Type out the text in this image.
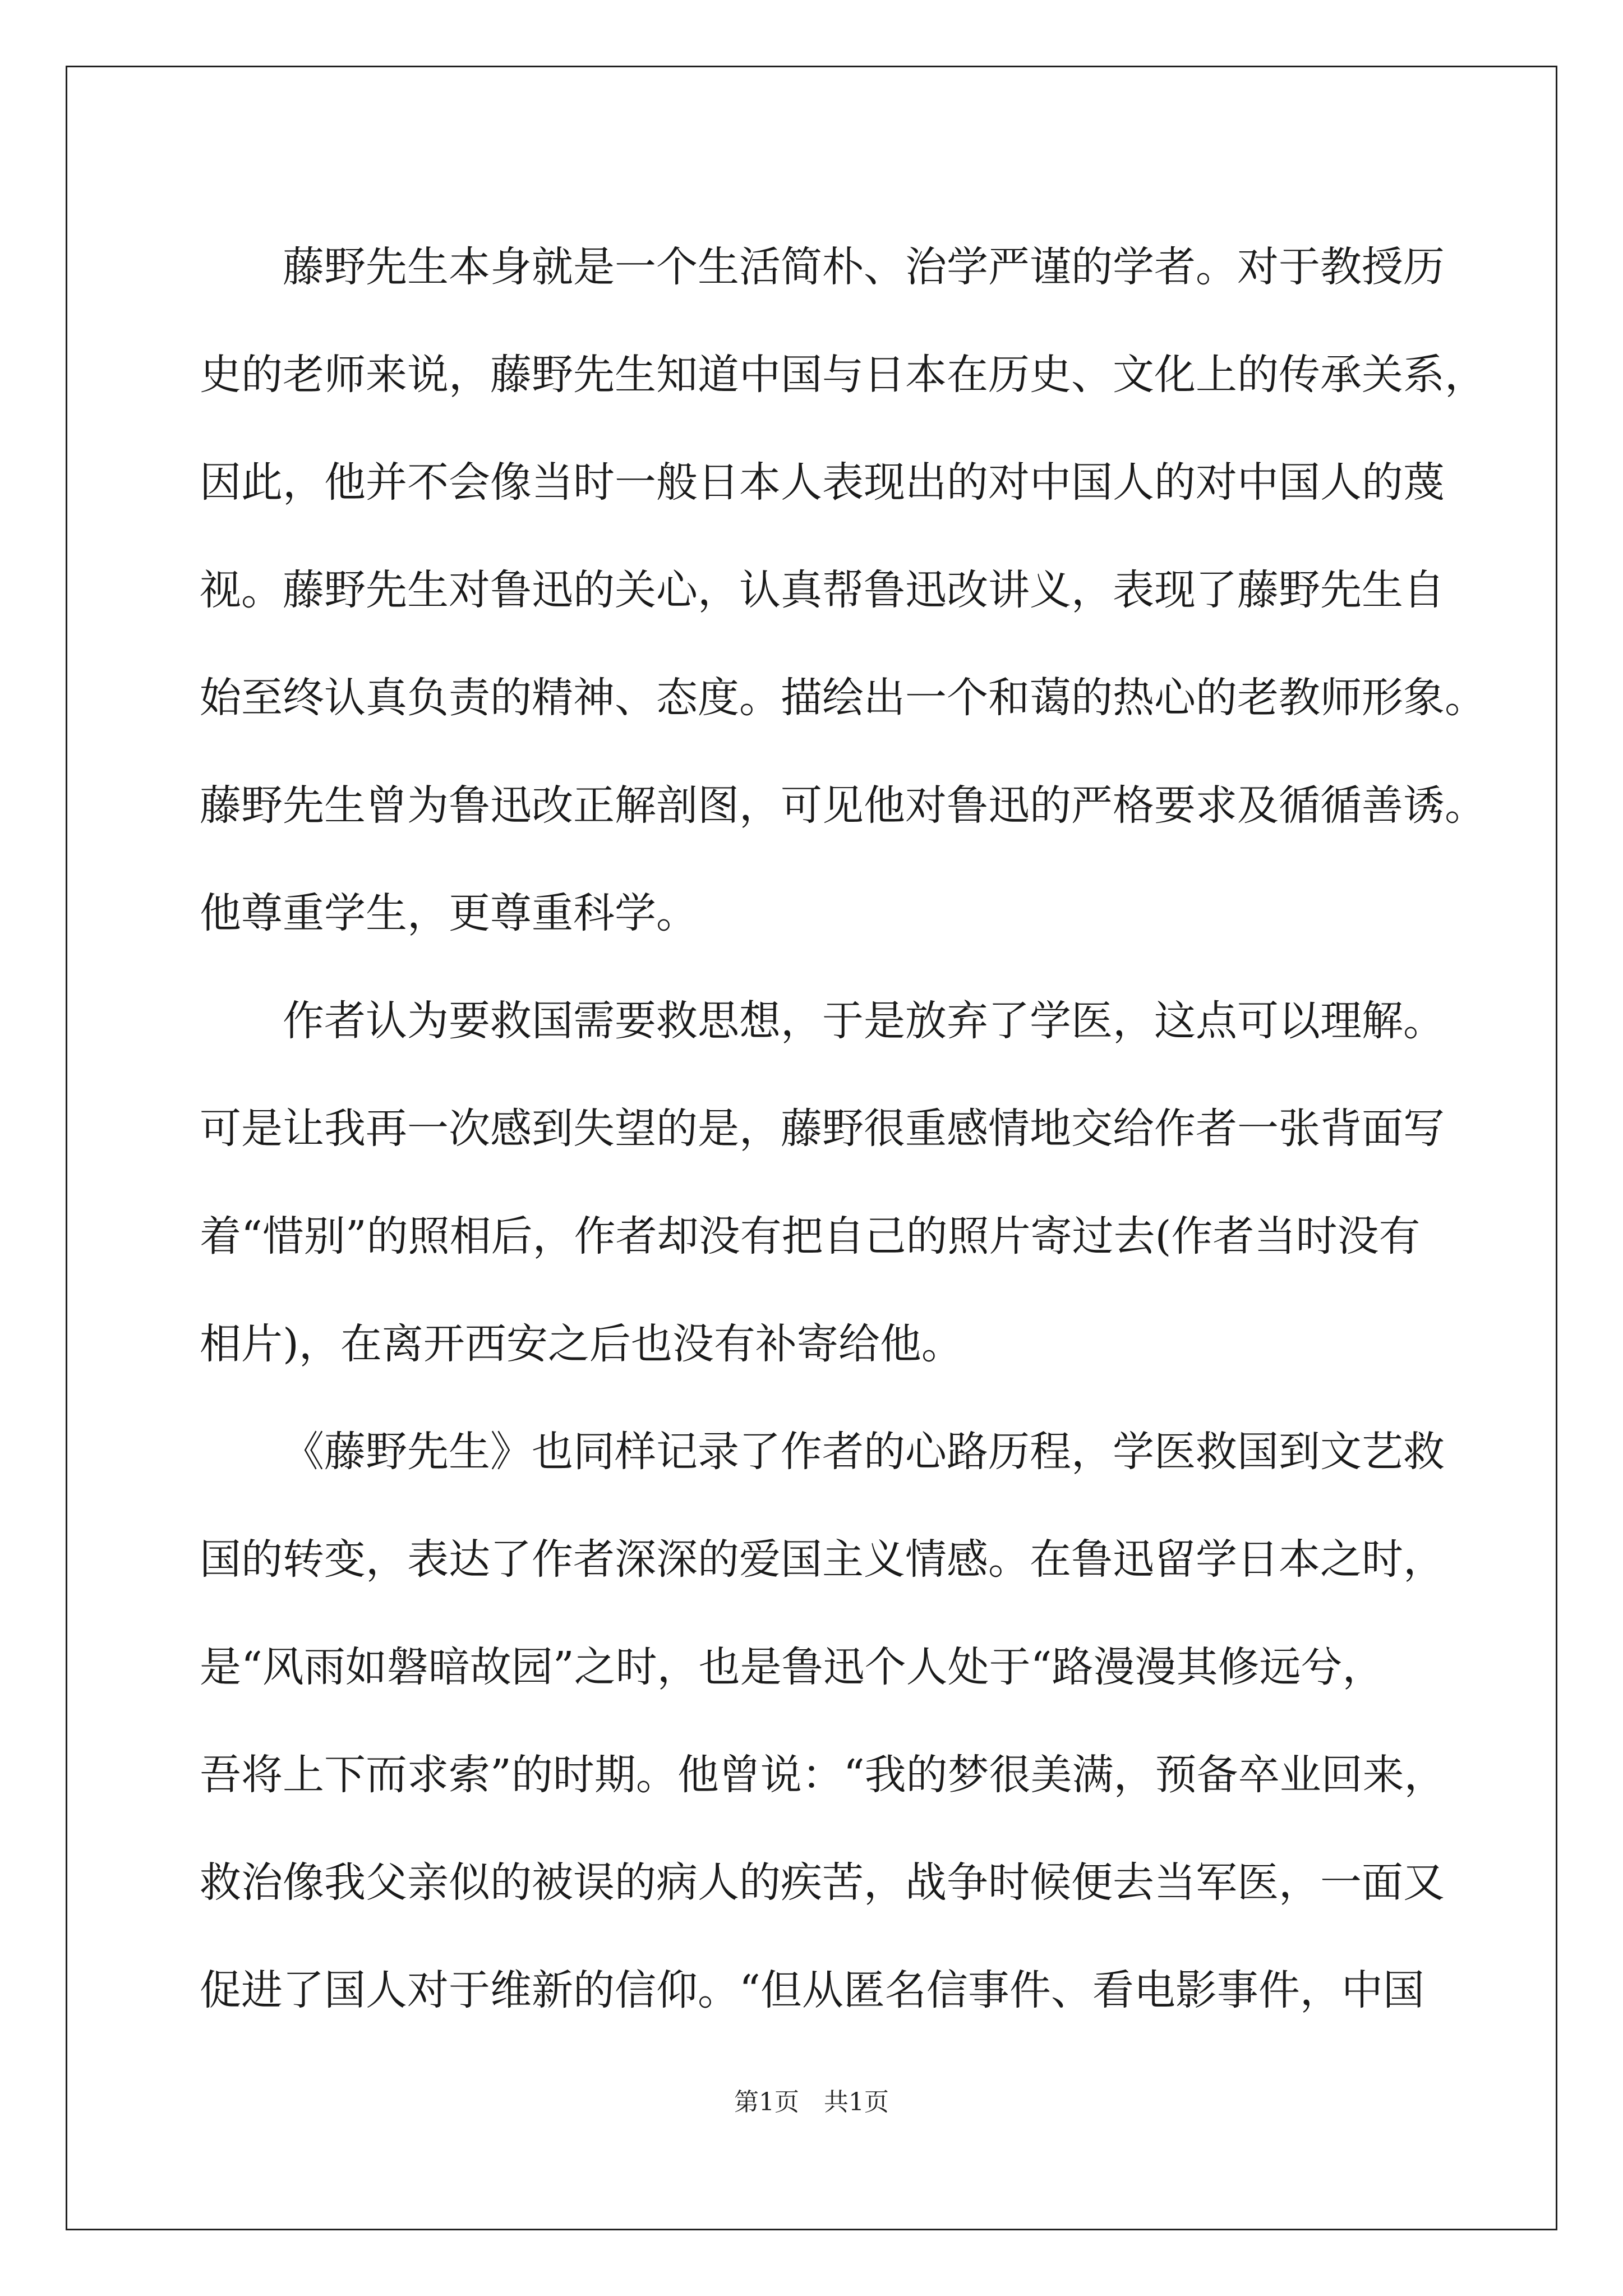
藤野先生本身就是一个生活简朴、治学严谨的学者。对于教授历
史的老师来说，藤野先生知道中国与日本在历史、文化上的传承关系，
因此，他并不会像当时一般日本人表现出的对中国人的对中国人的蔑
视。藤野先生对鲁迅的关心，认真帮鲁迅改讲义，表现了藤野先生自
始至终认真负责的精神、态度。描绘出一个和蔼的热心的老教师形象。
藤野先生曾为鲁迅改正解剖图，可见他对鲁迅的严格要求及循循善诱。
他尊重学生，更尊重科学。
作者认为要救国需要救思想，于是放弃了学医，这点可以理解。
可是让我再一次感到失望的是，藤野很重感情地交给作者一张背面写
着“惜别”的照相后，作者却没有把自己的照片寄过去(作者当时没有
相片)，在离开西安之后也没有补寄给他。
《藤野先生》也同样记录了作者的心路历程，学医救国到文艺救
国的转变，表达了作者深深的爱国主义情感。在鲁迅留学日本之时，
是“风雨如磐暗故园”之时，也是鲁迅个人处于“路漫漫其修远兮，
吾将上下而求索”的时期。他曾说：“我的梦很美满，预备卒业回来，
救治像我父亲似的被误的病人的疾苦，战争时候便去当军医，一面又
促进了国人对于维新的信仰。“但从匿名信事件、看电影事件，中国
第1页 共1页
